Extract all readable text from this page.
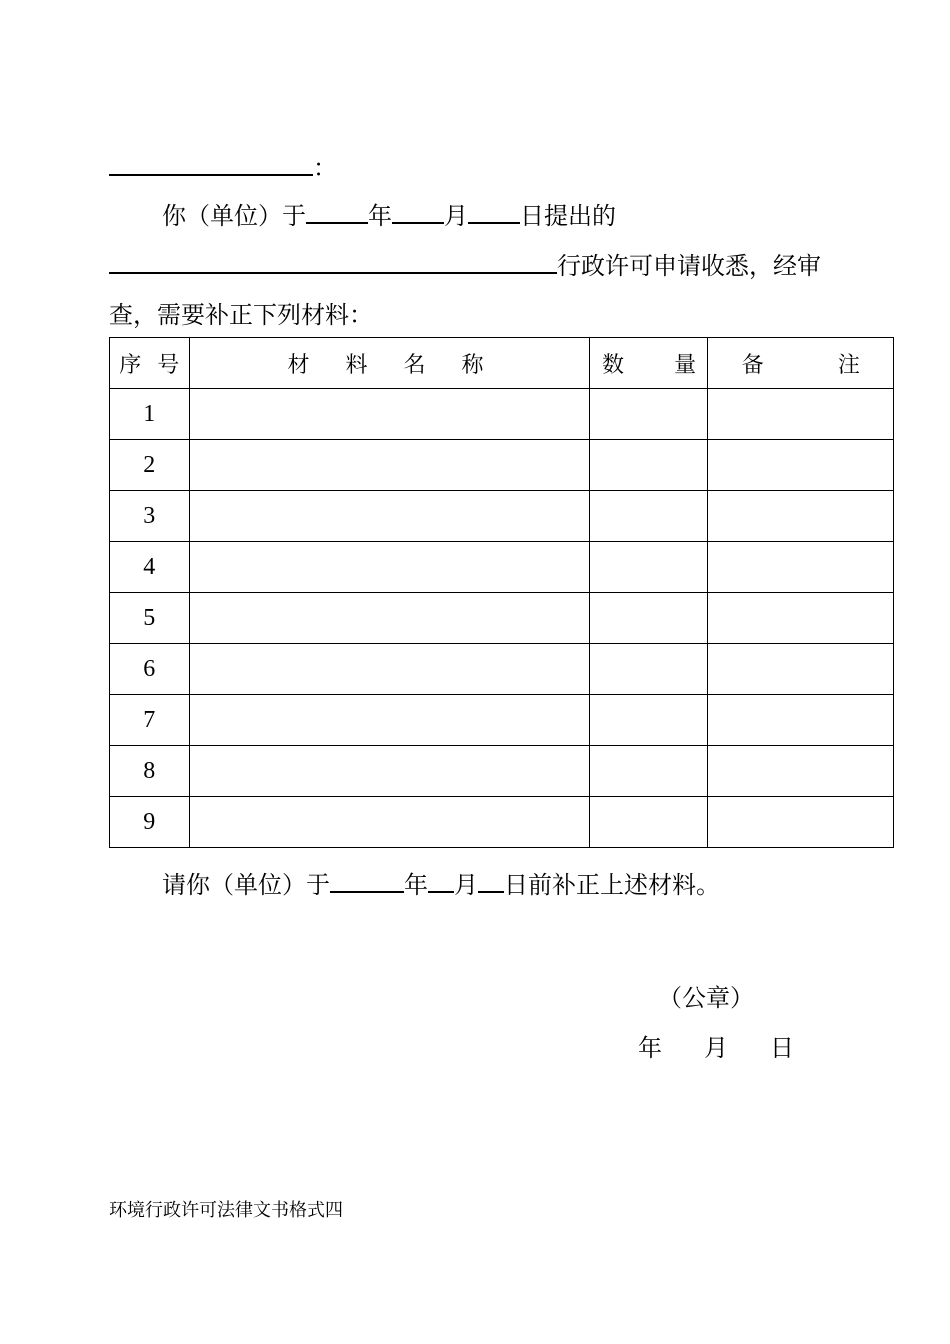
：
你（单位）于	年 月 日提出的
行政许可申请收悉，经审
查，需要补正下列材料：
序 号	材 料 名 称	数 量	备 注
1			
2			
3			
4			
5			
6			
7			
8			
9			
请你（单位）于	年 月 日前补正上述材料。
（公章）
年 月 日
环境行政许可法律文书格式四
